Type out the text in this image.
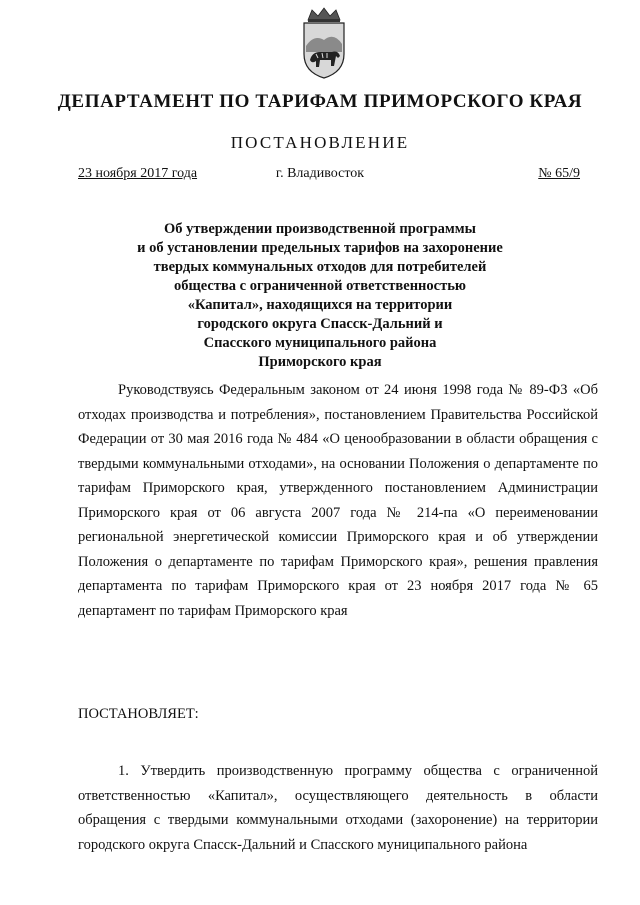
ДЕПАРТАМЕНТ ПО ТАРИФАМ ПРИМОРСКОГО КРАЯ
ПОСТАНОВЛЕНИЕ
23 ноября 2017 года	г. Владивосток	№ 65/9
Об утверждении производственной программы
и об установлении предельных тарифов на захоронение
твердых коммунальных отходов для потребителей
общества с ограниченной ответственностью
«Капитал», находящихся на территории
городского округа Спасск-Дальний и
Спасского муниципального района
Приморского края
Руководствуясь Федеральным законом от 24 июня 1998 года № 89-ФЗ «Об отходах производства и потребления», постановлением Правительства Российской Федерации от 30 мая 2016 года № 484 «О ценообразовании в области обращения с твердыми коммунальными отходами», на основании Положения о департаменте по тарифам Приморского края, утвержденного постановлением Администрации Приморского края от 06 августа 2007 года № 214-па «О переименовании региональной энергетической комиссии Приморского края и об утверждении Положения о департаменте по тарифам Приморского края», решения правления департамента по тарифам Приморского края от 23 ноября 2017 года № 65 департамент по тарифам Приморского края
ПОСТАНОВЛЯЕТ:
1. Утвердить производственную программу общества с ограниченной ответственностью «Капитал», осуществляющего деятельность в области обращения с твердыми коммунальными отходами (захоронение) на территории городского округа Спасск-Дальний и Спасского муниципального района
